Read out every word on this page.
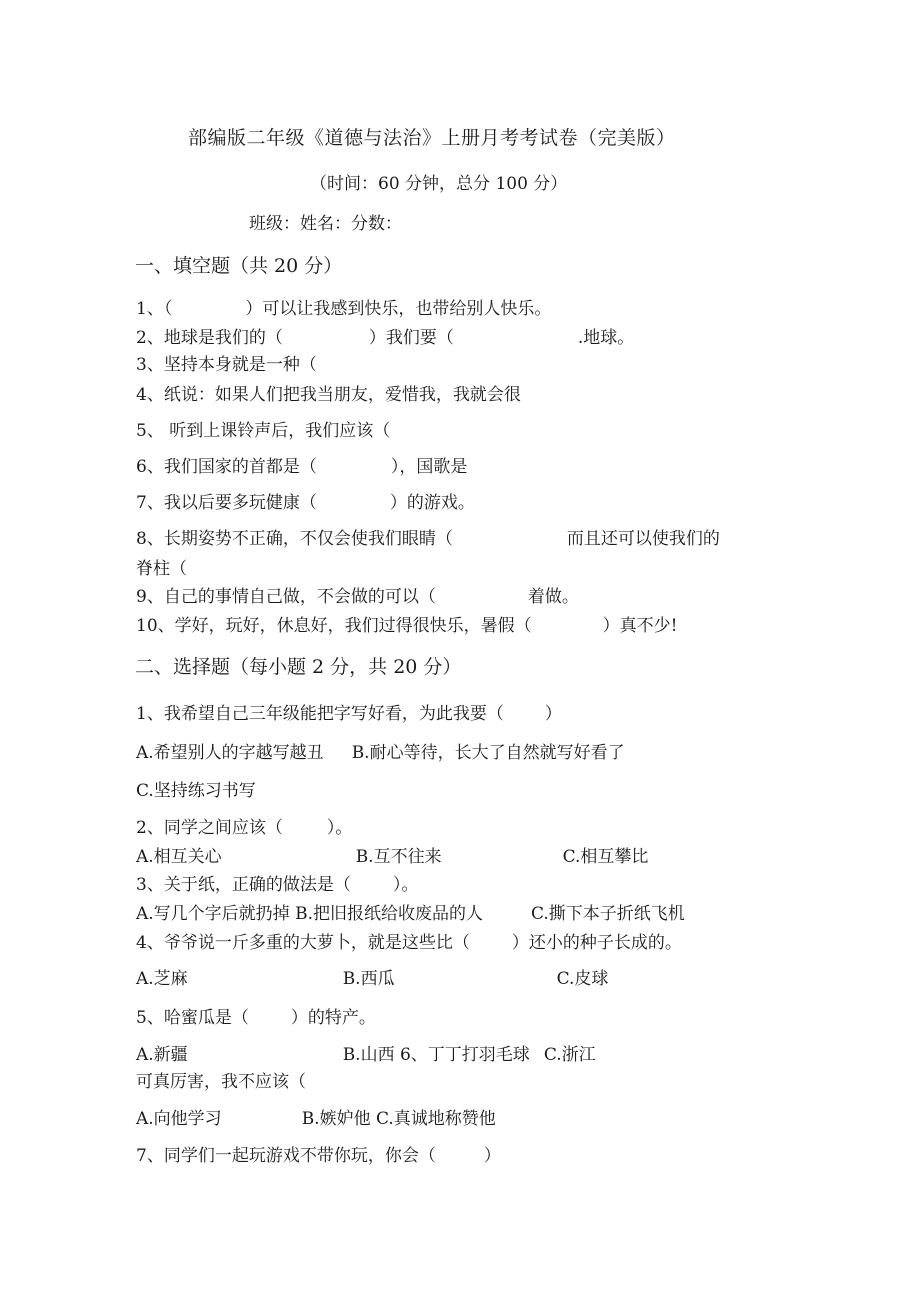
部编版二年级《道德与法治》上册月考考试卷（完美版）
（时间：60 分钟，总分 100 分）
班级：姓名：分数：
一、填空题（共 20 分）
1、（	）可以让我感到快乐，也带给别人快乐。
2、地球是我们的（	）我们要（	.地球。
3、坚持本身就是一种（
4、纸说：如果人们把我当朋友，爱惜我，我就会很
5、 听到上课铃声后，我们应该（
6、我们国家的首都是（	），国歌是
7、我以后要多玩健康（	）的游戏。
8、长期姿势不正确，不仅会使我们眼睛（	而且还可以使我们的
脊柱（
9、自己的事情自己做，不会做的可以（	着做。
10、学好，玩好，休息好，我们过得很快乐，暑假（	）真不少!
二、选择题（每小题 2 分，共 20 分）
1、我希望自己三年级能把字写好看，为此我要（ ）
A.希望别人的字越写越丑 B.耐心等待，长大了自然就写好看了
C.坚持练习书写
2、同学之间应该（	）。
A.相互关心	B.互不往来	C.相互攀比
3、关于纸，正确的做法是（ ）。
A.写几个字后就扔掉 B.把旧报纸给收废品的人	C.撕下本子折纸飞机
4、爷爷说一斤多重的大萝卜，就是这些比（ ）还小的种子长成的。
A.芝麻	B.西瓜	C.皮球
5、哈蜜瓜是（ ）的特产。
A.新疆	B.山西 6、丁丁打羽毛球 C.浙江
可真厉害，我不应该（
A.向他学习	B.嫉妒他 C.真诚地称赞他
7、同学们一起玩游戏不带你玩，你会（	）
